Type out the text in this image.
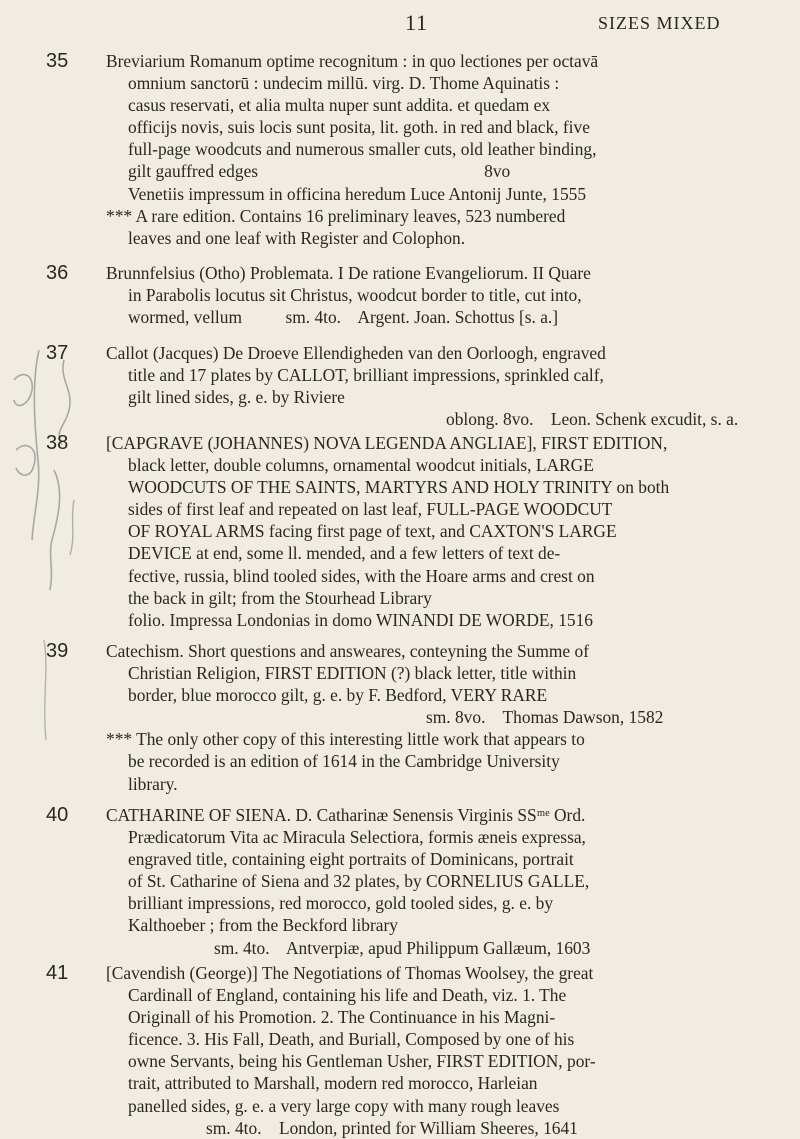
11	SIZES MIXED
35	Breviarium Romanum optime recognitum : in quo lectiones per octavā
omnium sanctorū : undecim millū. virg. D. Thome Aquinatis :
casus reservati, et alia multa nuper sunt addita. et quedam ex
officijs novis, suis locis sunt posita, lit. goth. in red and black, five
full-page woodcuts and numerous smaller cuts, old leather binding,
gilt gauffred edges                                                    8vo
Venetiis impressum in officina heredum Luce Antonij Junte, 1555
*** A rare edition. Contains 16 preliminary leaves, 523 numbered
leaves and one leaf with Register and Colophon.
36	Brunnfelsius (Otho) Problemata. I De ratione Evangeliorum. II Quare
in Parabolis locutus sit Christus, woodcut border to title, cut into,
wormed, vellum          sm. 4to.    Argent. Joan. Schottus [s. a.]
37	Callot (Jacques) De Droeve Ellendigheden van den Oorloogh, engraved
title and 17 plates by CALLOT, brilliant impressions, sprinkled calf,
gilt lined sides, g. e. by Riviere
oblong. 8vo.    Leon. Schenk excudit, s. a.
38	[CAPGRAVE (JOHANNES) NOVA LEGENDA ANGLIAE], FIRST EDITION,
black letter, double columns, ornamental woodcut initials, LARGE
WOODCUTS OF THE SAINTS, MARTYRS AND HOLY TRINITY on both
sides of first leaf and repeated on last leaf, FULL-PAGE WOODCUT
OF ROYAL ARMS facing first page of text, and CAXTON'S LARGE
DEVICE at end, some ll. mended, and a few letters of text de-
fective, russia, blind tooled sides, with the Hoare arms and crest on
the back in gilt; from the Stourhead Library
folio. Impressa Londonias in domo WINANDI DE WORDE, 1516
39	Catechism. Short questions and answeares, conteyning the Summe of
Christian Religion, FIRST EDITION (?) black letter, title within
border, blue morocco gilt, g. e. by F. Bedford, VERY RARE
sm. 8vo.    Thomas Dawson, 1582
*** The only other copy of this interesting little work that appears to
be recorded is an edition of 1614 in the Cambridge University
library.
40	CATHARINE OF SIENA. D. Catharinæ Senensis Virginis SSᵐᵉ Ord.
Prædicatorum Vita ac Miracula Selectiora, formis æneis expressa,
engraved title, containing eight portraits of Dominicans, portrait
of St. Catharine of Siena and 32 plates, by CORNELIUS GALLE,
brilliant impressions, red morocco, gold tooled sides, g. e. by
Kalthoeber ; from the Beckford library
sm. 4to.    Antverpiæ, apud Philippum Gallæum, 1603
41	[Cavendish (George)] The Negotiations of Thomas Woolsey, the great
Cardinall of England, containing his life and Death, viz. 1. The
Originall of his Promotion. 2. The Continuance in his Magni-
ficence. 3. His Fall, Death, and Buriall, Composed by one of his
owne Servants, being his Gentleman Usher, FIRST EDITION, por-
trait, attributed to Marshall, modern red morocco, Harleian
panelled sides, g. e. a very large copy with many rough leaves
sm. 4to.    London, printed for William Sheeres, 1641
